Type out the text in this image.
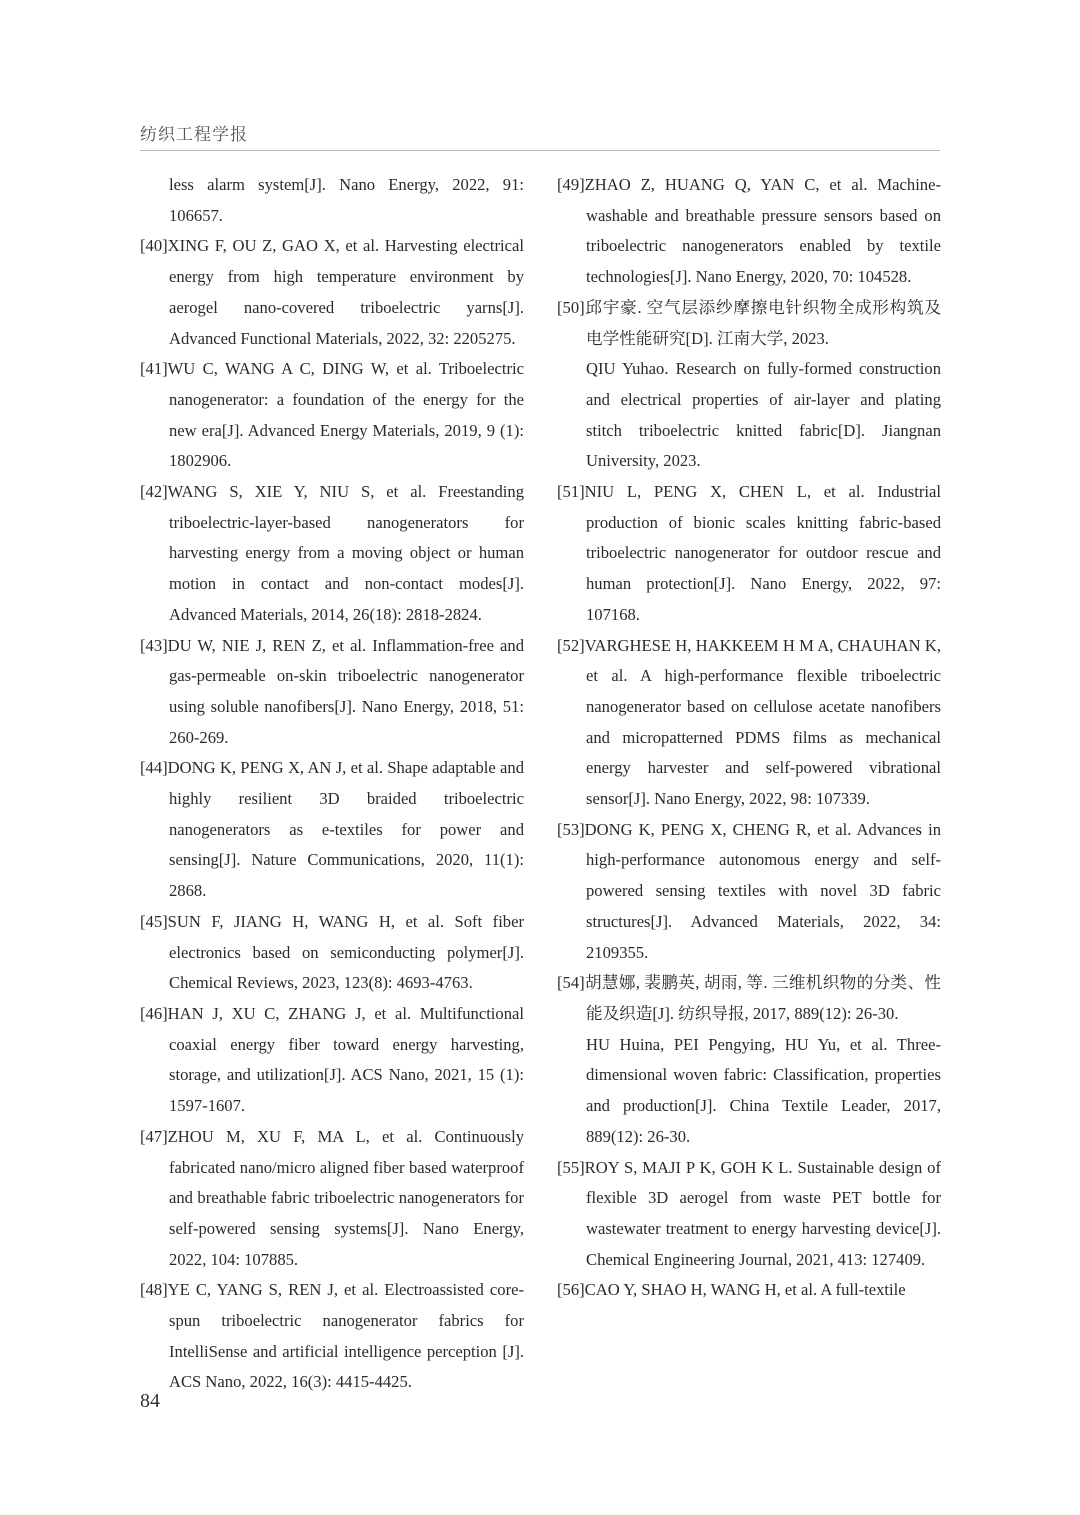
纺织工程学报

less alarm system[J]. Nano Energy, 2022, 91: 106657.

[40]XING F, OU Z, GAO X, et al. Harvesting electrical energy from high temperature environment by aerogel nano-covered triboelectric yarns[J]. Advanced Functional Materials, 2022, 32: 2205275.

[41]WU C, WANG A C, DING W, et al. Triboelectric nanogenerator: a foundation of the energy for the new era[J]. Advanced Energy Materials, 2019, 9 (1): 1802906.

[42]WANG S, XIE Y, NIU S, et al. Freestanding triboelectric-layer-based nanogenerators for harvesting energy from a moving object or human motion in contact and non-contact modes[J]. Advanced Materials, 2014, 26(18): 2818-2824.

[43]DU W, NIE J, REN Z, et al. Inflammation-free and gas-permeable on-skin triboelectric nanogenerator using soluble nanofibers[J]. Nano Energy, 2018, 51: 260-269.

[44]DONG K, PENG X, AN J, et al. Shape adaptable and highly resilient 3D braided triboelectric nanogenerators as e-textiles for power and sensing[J]. Nature Communications, 2020, 11(1): 2868.

[45]SUN F, JIANG H, WANG H, et al. Soft fiber electronics based on semiconducting polymer[J]. Chemical Reviews, 2023, 123(8): 4693-4763.

[46]HAN J, XU C, ZHANG J, et al. Multifunctional coaxial energy fiber toward energy harvesting, storage, and utilization[J]. ACS Nano, 2021, 15 (1): 1597-1607.

[47]ZHOU M, XU F, MA L, et al. Continuously fabricated nano/micro aligned fiber based waterproof and breathable fabric triboelectric nanogenerators for self-powered sensing systems[J]. Nano Energy, 2022, 104: 107885.

[48]YE C, YANG S, REN J, et al. Electroassisted core-spun triboelectric nanogenerator fabrics for IntelliSense and artificial intelligence perception [J]. ACS Nano, 2022, 16(3): 4415-4425.

[49]ZHAO Z, HUANG Q, YAN C, et al. Machine-washable and breathable pressure sensors based on triboelectric nanogenerators enabled by textile technologies[J]. Nano Energy, 2020, 70: 104528.

[50]邱宇豪. 空气层添纱摩擦电针织物全成形构筑及电学性能研究[D]. 江南大学, 2023.

QIU Yuhao. Research on fully-formed construction and electrical properties of air-layer and plating stitch triboelectric knitted fabric[D]. Jiangnan University, 2023.

[51]NIU L, PENG X, CHEN L, et al. Industrial production of bionic scales knitting fabric-based triboelectric nanogenerator for outdoor rescue and human protection[J]. Nano Energy, 2022, 97: 107168.

[52]VARGHESE H, HAKKEEM H M A, CHAUHAN K, et al. A high-performance flexible triboelectric nanogenerator based on cellulose acetate nanofibers and micropatterned PDMS films as mechanical energy harvester and self-powered vibrational sensor[J]. Nano Energy, 2022, 98: 107339.

[53]DONG K, PENG X, CHENG R, et al. Advances in high-performance autonomous energy and self-powered sensing textiles with novel 3D fabric structures[J]. Advanced Materials, 2022, 34: 2109355.

[54]胡慧娜, 裴鹏英, 胡雨, 等. 三维机织物的分类、性能及织造[J]. 纺织导报, 2017, 889(12): 26-30.

HU Huina, PEI Pengying, HU Yu, et al. Three-dimensional woven fabric: Classification, properties and production[J]. China Textile Leader, 2017, 889(12): 26-30.

[55]ROY S, MAJI P K, GOH K L. Sustainable design of flexible 3D aerogel from waste PET bottle for wastewater treatment to energy harvesting device[J]. Chemical Engineering Journal, 2021, 413: 127409.

[56]CAO Y, SHAO H, WANG H, et al. A full-textile

84
